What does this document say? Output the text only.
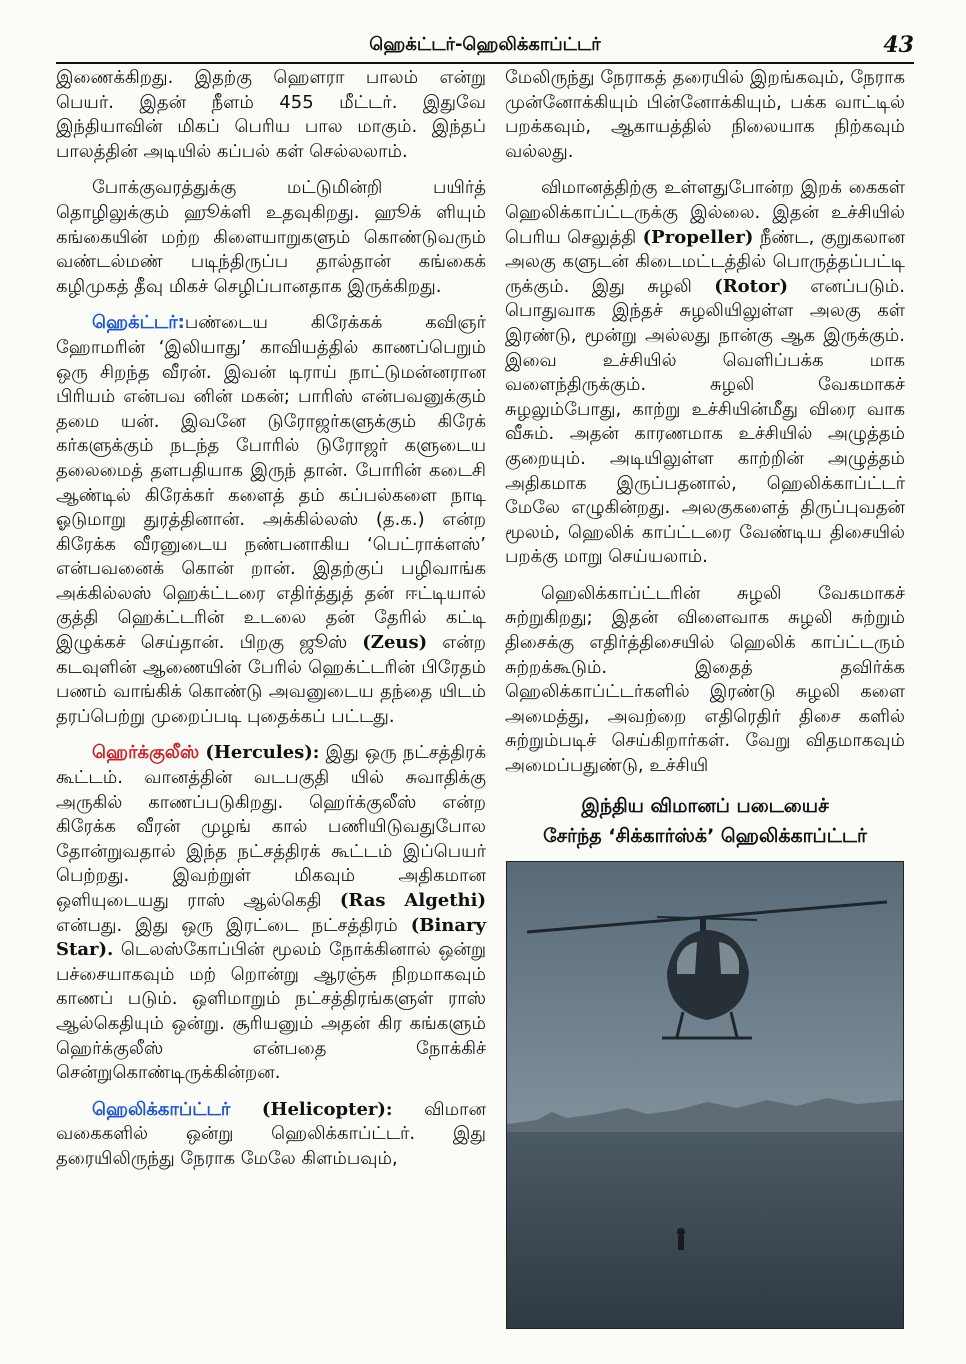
ஹெக்ட்டர்-ஹெலிக்காப்ட்டர்	43

இணைக்கிறது. இதற்கு ஹௌரா பாலம் என்று பெயர். இதன் நீளம் 455 மீட்டர். இதுவே இந்தியாவின் மிகப் பெரிய பால மாகும். இந்தப் பாலத்தின் அடியில் கப்பல் கள் செல்லலாம்.

போக்குவரத்துக்கு மட்டுமின்றி பயிர்த் தொழிலுக்கும் ஹூக்ளி உதவுகிறது. ஹூக் ளியும் கங்கையின் மற்ற கிளையாறுகளும் கொண்டுவரும் வண்டல்மண் படிந்திருப்ப தால்தான் கங்கைக் கழிமுகத் தீவு மிகச் செழிப்பானதாக இருக்கிறது.

ஹெக்ட்டர்:பண்டைய கிரேக்கக் கவிஞர் ஹோமரின் ‘இலியாது’ காவியத்தில் காணப்பெறும் ஒரு சிறந்த வீரன். இவன் டிராய் நாட்டுமன்னரான பிரியம் என்பவ னின் மகன்; பாரிஸ் என்பவனுக்கும் தமை யன். இவனே டுரோஜர்களுக்கும் கிரேக் கர்களுக்கும் நடந்த போரில் டுரோஜர் களுடைய தலைமைத் தளபதியாக இருந் தான். போரின் கடைசி ஆண்டில் கிரேக்கர் களைத் தம் கப்பல்களை நாடி ஓடுமாறு துரத்தினான். அக்கில்லஸ் (த.க.) என்ற கிரேக்க வீரனுடைய நண்பனாகிய ‘பெட்ராக்ளஸ்’ என்பவனைக் கொன் றான். இதற்குப் பழிவாங்க அக்கில்லஸ் ஹெக்ட்டரை எதிர்த்துத் தன் ஈட்டியால் குத்தி ஹெக்ட்டரின் உடலை தன் தேரில் கட்டி இழுக்கச் செய்தான். பிறகு ஜூஸ் (Zeus) என்ற கடவுளின் ஆணையின் பேரில் ஹெக்ட்டரின் பிரேதம் பணம் வாங்கிக் கொண்டு அவனுடைய தந்தை யிடம் தரப்பெற்று முறைப்படி புதைக்கப் பட்டது.

ஹெர்க்குலீஸ் (Hercules): இது ஒரு நட்சத்திரக் கூட்டம். வானத்தின் வடபகுதி யில் சுவாதிக்கு அருகில் காணப்படுகிறது. ஹெர்க்குலீஸ் என்ற கிரேக்க வீரன் முழங் கால் பணியிடுவதுபோல தோன்றுவதால் இந்த நட்சத்திரக் கூட்டம் இப்பெயர் பெற்றது. இவற்றுள் மிகவும் அதிகமான ஒளியுடையது ராஸ் ஆல்கெதி (Ras Algethi) என்பது. இது ஒரு இரட்டை நட்சத்திரம் (Binary Star). டெலஸ்கோப்பின் மூலம் நோக்கினால் ஒன்று பச்சையாகவும் மற் றொன்று ஆரஞ்சு நிறமாகவும் காணப் படும். ஒளிமாறும் நட்சத்திரங்களுள் ராஸ் ஆல்கெதியும் ஒன்று. சூரியனும் அதன் கிர கங்களும் ஹெர்க்குலீஸ் என்பதை நோக்கிச் சென்றுகொண்டிருக்கின்றன.

ஹெலிக்காப்ட்டர் (Helicopter): விமான வகைகளில் ஒன்று ஹெலிக்காப்ட்டர். இது தரையிலிருந்து நேராக மேலே கிளம்பவும்,

மேலிருந்து நேராகத் தரையில் இறங்கவும், நேராக முன்னோக்கியும் பின்னோக்கியும், பக்க வாட்டில் பறக்கவும், ஆகாயத்தில் நிலையாக நிற்கவும் வல்லது.

விமானத்திற்கு உள்ளதுபோன்ற இறக் கைகள் ஹெலிக்காப்ட்டருக்கு இல்லை. இதன் உச்சியில் பெரிய செலுத்தி (Propeller) நீண்ட, குறுகலான அலகு களுடன் கிடைமட்டத்தில் பொருத்தப்பட்டி ருக்கும். இது சுழலி (Rotor) எனப்படும். பொதுவாக இந்தச் சுழலியிலுள்ள அலகு கள் இரண்டு, மூன்று அல்லது நான்கு ஆக இருக்கும். இவை உச்சியில் வெளிப்பக்க மாக வளைந்திருக்கும். சுழலி வேகமாகச் சுழலும்போது, காற்று உச்சியின்மீது விரை வாக வீசும். அதன் காரணமாக உச்சியில் அழுத்தம் குறையும். அடியிலுள்ள காற்றின் அழுத்தம் அதிகமாக இருப்பதனால், ஹெலிக்காப்ட்டர் மேலே எழுகின்றது. அலகுகளைத் திருப்புவதன் மூலம், ஹெலிக் காப்ட்டரை வேண்டிய திசையில் பறக்கு மாறு செய்யலாம்.

ஹெலிக்காப்ட்டரின் சுழலி வேகமாகச் சுற்றுகிறது; இதன் விளைவாக சுழலி சுற்றும் திசைக்கு எதிர்த்திசையில் ஹெலிக் காப்ட்டரும் சுற்றக்கூடும். இதைத் தவிர்க்க ஹெலிக்காப்ட்டர்களில் இரண்டு சுழலி களை அமைத்து, அவற்றை எதிரெதிர் திசை களில் சுற்றும்படிச் செய்கிறார்கள். வேறு விதமாகவும் அமைப்பதுண்டு, உச்சியி

இந்திய விமானப் படையைச்
சேர்ந்த ‘சிக்கார்ஸ்க்’ ஹெலிக்காப்ட்டர்
